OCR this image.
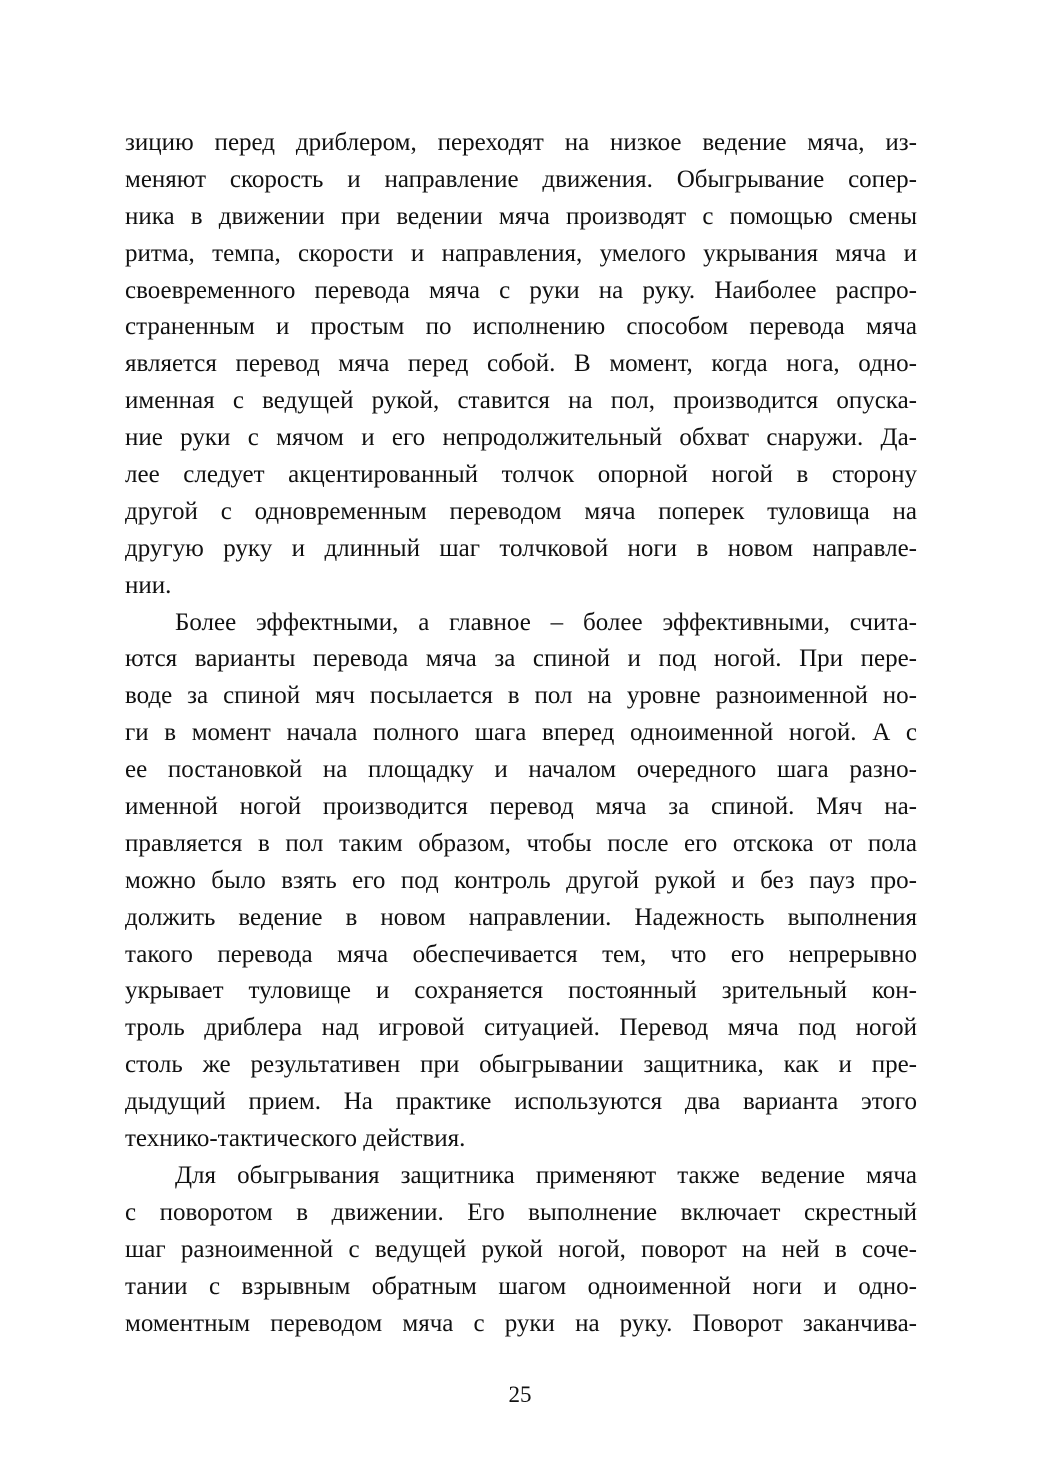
зицию перед дриблером, переходят на низкое ведение мяча, из-
меняют скорость и направление движения. Обыгрывание сопер-
ника в движении при ведении мяча производят с помощью смены
ритма, темпа, скорости и направления, умелого укрывания мяча и
своевременного перевода мяча с руки на руку. Наиболее распро-
страненным и простым по исполнению способом перевода мяча
является перевод мяча перед собой. В момент, когда нога, одно-
именная с ведущей рукой, ставится на пол, производится опуска-
ние руки с мячом и его непродолжительный обхват снаружи. Да-
лее следует акцентированный толчок опорной ногой в сторону
другой с одновременным переводом мяча поперек туловища на
другую руку и длинный шаг толчковой ноги в новом направле-
нии.
Более эффектными, а главное – более эффективными, счита-
ются варианты перевода мяча за спиной и под ногой. При пере-
воде за спиной мяч посылается в пол на уровне разноименной но-
ги в момент начала полного шага вперед одноименной ногой. А с
ее постановкой на площадку и началом очередного шага разно-
именной ногой производится перевод мяча за спиной. Мяч на-
правляется в пол таким образом, чтобы после его отскока от пола
можно было взять его под контроль другой рукой и без пауз про-
должить ведение в новом направлении. Надежность выполнения
такого перевода мяча обеспечивается тем, что его непрерывно
укрывает туловище и сохраняется постоянный зрительный кон-
троль дриблера над игровой ситуацией. Перевод мяча под ногой
столь же результативен при обыгрывании защитника, как и пре-
дыдущий прием. На практике используются два варианта этого
технико-тактического действия.
Для обыгрывания защитника применяют также ведение мяча
с поворотом в движении. Его выполнение включает скрестный
шаг разноименной с ведущей рукой ногой, поворот на ней в соче-
тании с взрывным обратным шагом одноименной ноги и одно-
моментным переводом мяча с руки на руку. Поворот заканчива-
25
